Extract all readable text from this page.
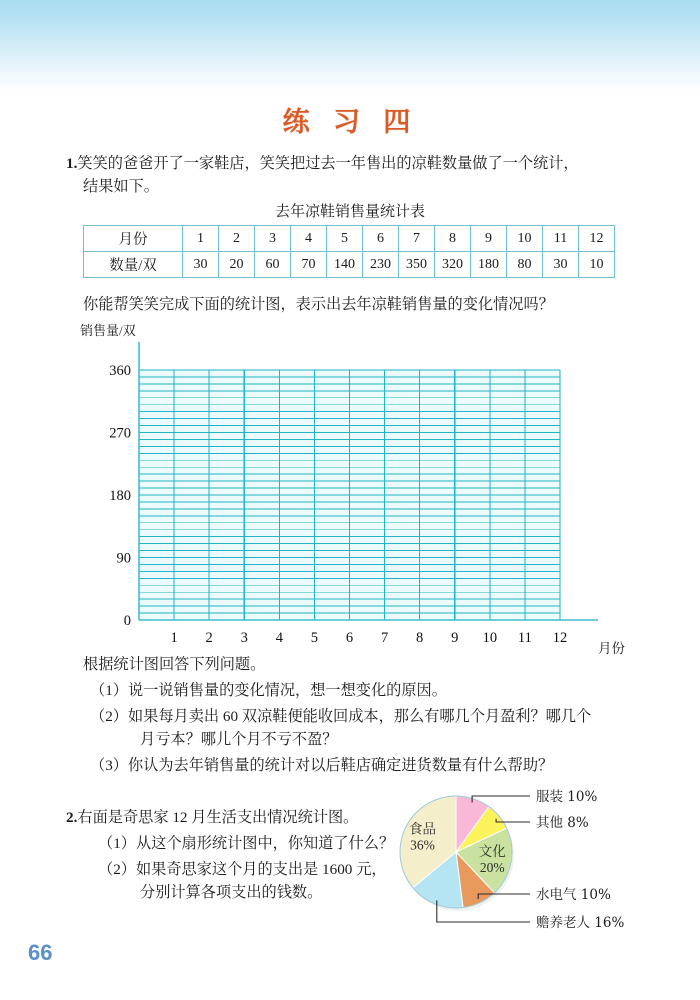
练 习 四
1.笑笑的爸爸开了一家鞋店，笑笑把过去一年售出的凉鞋数量做了一个统计，
结果如下。
去年凉鞋销售量统计表
月份	1	2	3	4	5	6	7	8	9	10	11	12
数量/双	30	20	60	70	140	230	350	320	180	80	30	10
你能帮笑笑完成下面的统计图，表示出去年凉鞋销售量的变化情况吗？
销售量/双
月份
0
90
180
270
360
1 2 3 4 5 6 7 8 9 10 11 12
根据统计图回答下列问题。
（1）说一说销售量的变化情况，想一想变化的原因。
（2）如果每月卖出 60 双凉鞋便能收回成本，那么有哪几个月盈利？哪几个
月亏本？哪儿个月不亏不盈？
（3）你认为去年销售量的统计对以后鞋店确定进货数量有什么帮助？
2.右面是奇思家 12 月生活支出情况统计图。
（1）从这个扇形统计图中，你知道了什么？
（2）如果奇思家这个月的支出是 1600 元，
分别计算各项支出的钱数。
文化
20%
食品
36%
服装 10%
其他 8%
水电气 10%
赡养老人 16%
66
